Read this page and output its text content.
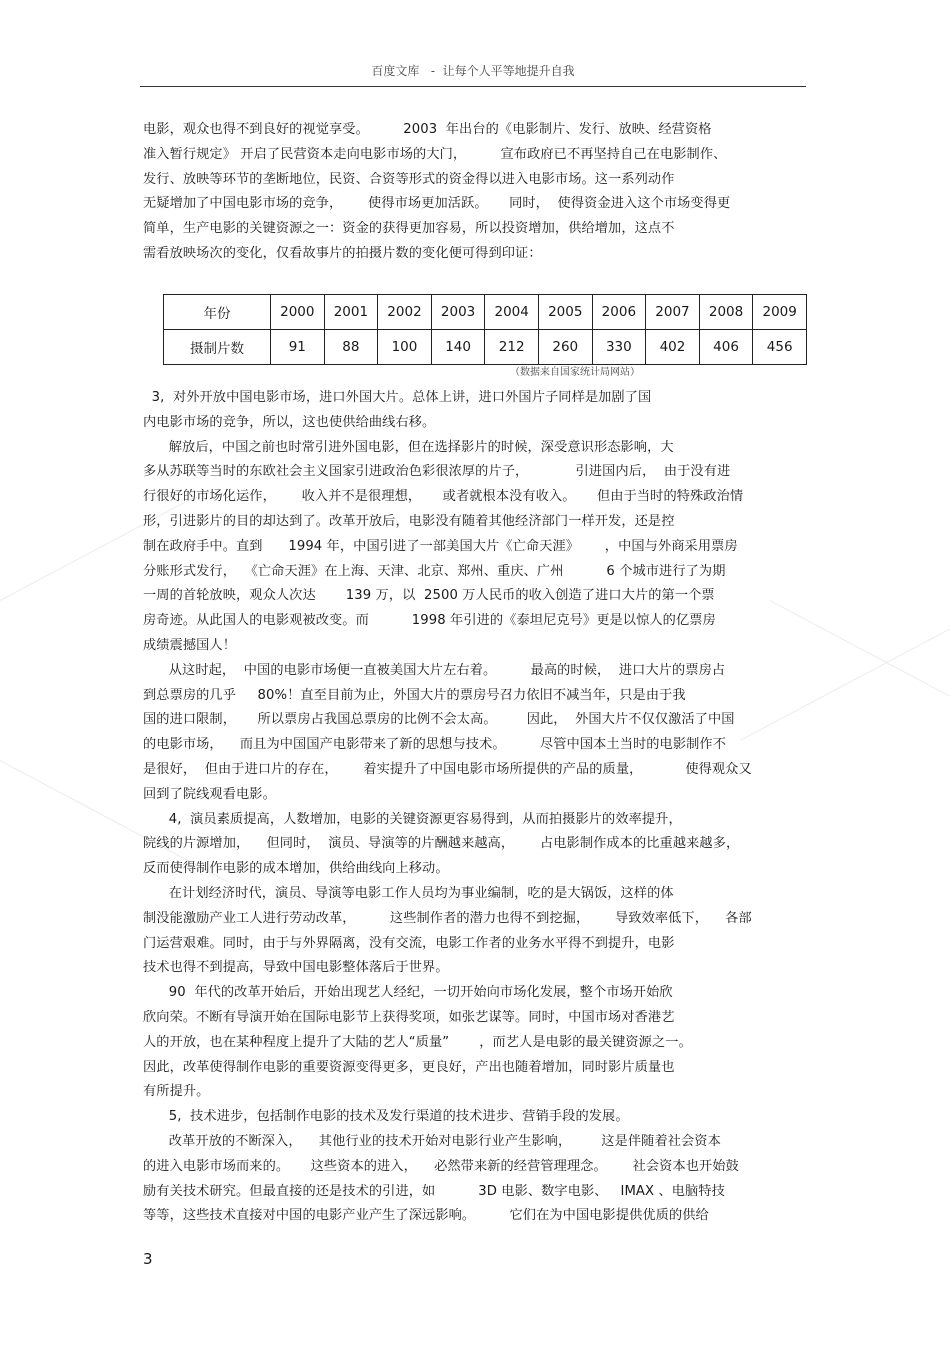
百度文库 - 让每个人平等地提升自我
电影，观众也得不到良好的视觉享受。        2003  年出台的《电影制片、发行、放映、经营资格
准入暂行规定》 开启了民营资本走向电影市场的大门，        宣布政府已不再坚持自己在电影制作、
发行、放映等环节的垄断地位，民资、合资等形式的资金得以进入电影市场。这一系列动作
无疑增加了中国电影市场的竞争，      使得市场更加活跃。     同时，  使得资金进入这个市场变得更
简单，生产电影的关键资源之一：资金的获得更加容易，所以投资增加，供给增加，这点不
需看放映场次的变化，仅看故事片的拍摄片数的变化便可得到印证：
年份	2000	2001	2002	2003	2004	2005	2006	2007	2008	2009
摄制片数	91	88	100	140	212	260	330	402	406	456
（数据来自国家统计局网站）
3,  对外开放中国电影市场，进口外国大片。总体上讲，进口外国片子同样是加剧了国
内电影市场的竞争，所以，这也使供给曲线右移。
解放后，中国之前也时常引进外国电影，但在选择影片的时候，深受意识形态影响，大
多从苏联等当时的东欧社会主义国家引进政治色彩很浓厚的片子，           引进国内后，  由于没有进
行很好的市场化运作，      收入并不是很理想，     或者就根本没有收入。     但由于当时的特殊政治情
形，引进影片的目的却达到了。改革开放后，电影没有随着其他经济部门一样开发，还是控
制在政府手中。直到      1994 年，中国引进了一部美国大片《亡命天涯》      ，中国与外商采用票房
分账形式发行，  《亡命天涯》在上海、天津、北京、郑州、重庆、广州          6 个城市进行了为期
一周的首轮放映，观众人次达       139 万，以  2500 万人民币的收入创造了进口大片的第一个票
房奇迹。从此国人的电影观被改变。而          1998 年引进的《泰坦尼克号》更是以惊人的亿票房
成绩震撼国人！
从这时起，  中国的电影市场便一直被美国大片左右着。        最高的时候，  进口大片的票房占
到总票房的几乎     80%！直至目前为止，外国大片的票房号召力依旧不减当年，只是由于我
国的进口限制，     所以票房占我国总票房的比例不会太高。       因此，  外国大片不仅仅激活了中国
的电影市场，    而且为中国国产电影带来了新的思想与技术。        尽管中国本土当时的电影制作不
是很好，  但由于进口片的存在，      着实提升了中国电影市场所提供的产品的质量，          使得观众又
回到了院线观看电影。
4,  演员素质提高，人数增加，电影的关键资源更容易得到，从而拍摄影片的效率提升，
院线的片源增加，    但同时，  演员、导演等的片酬越来越高，      占电影制作成本的比重越来越多，
反而使得制作电影的成本增加，供给曲线向上移动。
在计划经济时代，演员、导演等电影工作人员均为事业编制，吃的是大锅饭，这样的体
制没能激励产业工人进行劳动改革，        这些制作者的潜力也得不到挖掘，      导致效率低下，    各部
门运营艰难。同时，由于与外界隔离，没有交流，电影工作者的业务水平得不到提升，电影
技术也得不到提高，导致中国电影整体落后于世界。
90  年代的改革开始后，开始出现艺人经纪，一切开始向市场化发展，整个市场开始欣
欣向荣。不断有导演开始在国际电影节上获得奖项，如张艺谋等。同时，中国市场对香港艺
人的开放，也在某种程度上提升了大陆的艺人“质量”       ，而艺人是电影的最关键资源之一。
因此，改革使得制作电影的重要资源变得更多，更良好，产出也随着增加，同时影片质量也
有所提升。
5,  技术进步，包括制作电影的技术及发行渠道的技术进步、营销手段的发展。
改革开放的不断深入，    其他行业的技术开始对电影行业产生影响，       这是伴随着社会资本
的进入电影市场而来的。     这些资本的进入，    必然带来新的经营管理理念。      社会资本也开始鼓
励有关技术研究。但最直接的还是技术的引进，如          3D 电影、数字电影、   IMAX 、电脑特技
等等，这些技术直接对中国的电影产业产生了深远影响。        它们在为中国电影提供优质的供给
3
